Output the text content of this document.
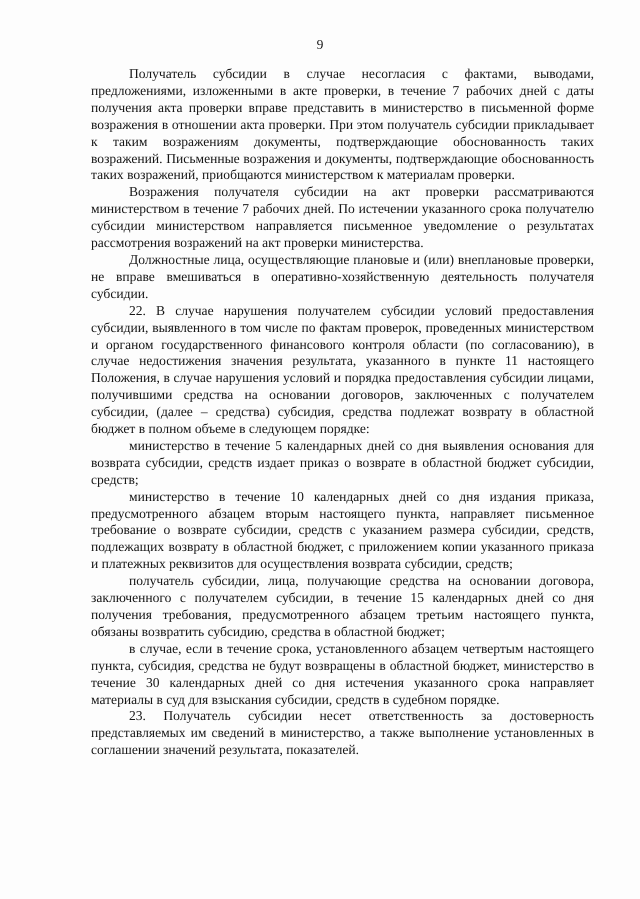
9

Получатель субсидии в случае несогласия с фактами, выводами, предложениями, изложенными в акте проверки, в течение 7 рабочих дней с даты получения акта проверки вправе представить в министерство в письменной форме возражения в отношении акта проверки. При этом получатель субсидии прикладывает к таким возражениям документы, подтверждающие обоснованность таких возражений. Письменные возражения и документы, подтверждающие обоснованность таких возражений, приобщаются министерством к материалам проверки.

Возражения получателя субсидии на акт проверки рассматриваются министерством в течение 7 рабочих дней. По истечении указанного срока получателю субсидии министерством направляется письменное уведомление о результатах рассмотрения возражений на акт проверки министерства.

Должностные лица, осуществляющие плановые и (или) внеплановые проверки, не вправе вмешиваться в оперативно-хозяйственную деятельность получателя субсидии.

22. В случае нарушения получателем субсидии условий предоставления субсидии, выявленного в том числе по фактам проверок, проведенных министерством и органом государственного финансового контроля области (по согласованию), в случае недостижения значения результата, указанного в пункте 11 настоящего Положения, в случае нарушения условий и порядка предоставления субсидии лицами, получившими средства на основании договоров, заключенных с получателем субсидии, (далее – средства) субсидия, средства подлежат возврату в областной бюджет в полном объеме в следующем порядке:

министерство в течение 5 календарных дней со дня выявления основания для возврата субсидии, средств издает приказ о возврате в областной бюджет субсидии, средств;

министерство в течение 10 календарных дней со дня издания приказа, предусмотренного абзацем вторым настоящего пункта, направляет письменное требование о возврате субсидии, средств с указанием размера субсидии, средств, подлежащих возврату в областной бюджет, с приложением копии указанного приказа и платежных реквизитов для осуществления возврата субсидии, средств;

получатель субсидии, лица, получающие средства на основании договора, заключенного с получателем субсидии, в течение 15 календарных дней со дня получения требования, предусмотренного абзацем третьим настоящего пункта, обязаны возвратить субсидию, средства в областной бюджет;

в случае, если в течение срока, установленного абзацем четвертым настоящего пункта, субсидия, средства не будут возвращены в областной бюджет, министерство в течение 30 календарных дней со дня истечения указанного срока направляет материалы в суд для взыскания субсидии, средств в судебном порядке.

23. Получатель субсидии несет ответственность за достоверность представляемых им сведений в министерство, а также выполнение установленных в соглашении значений результата, показателей.
